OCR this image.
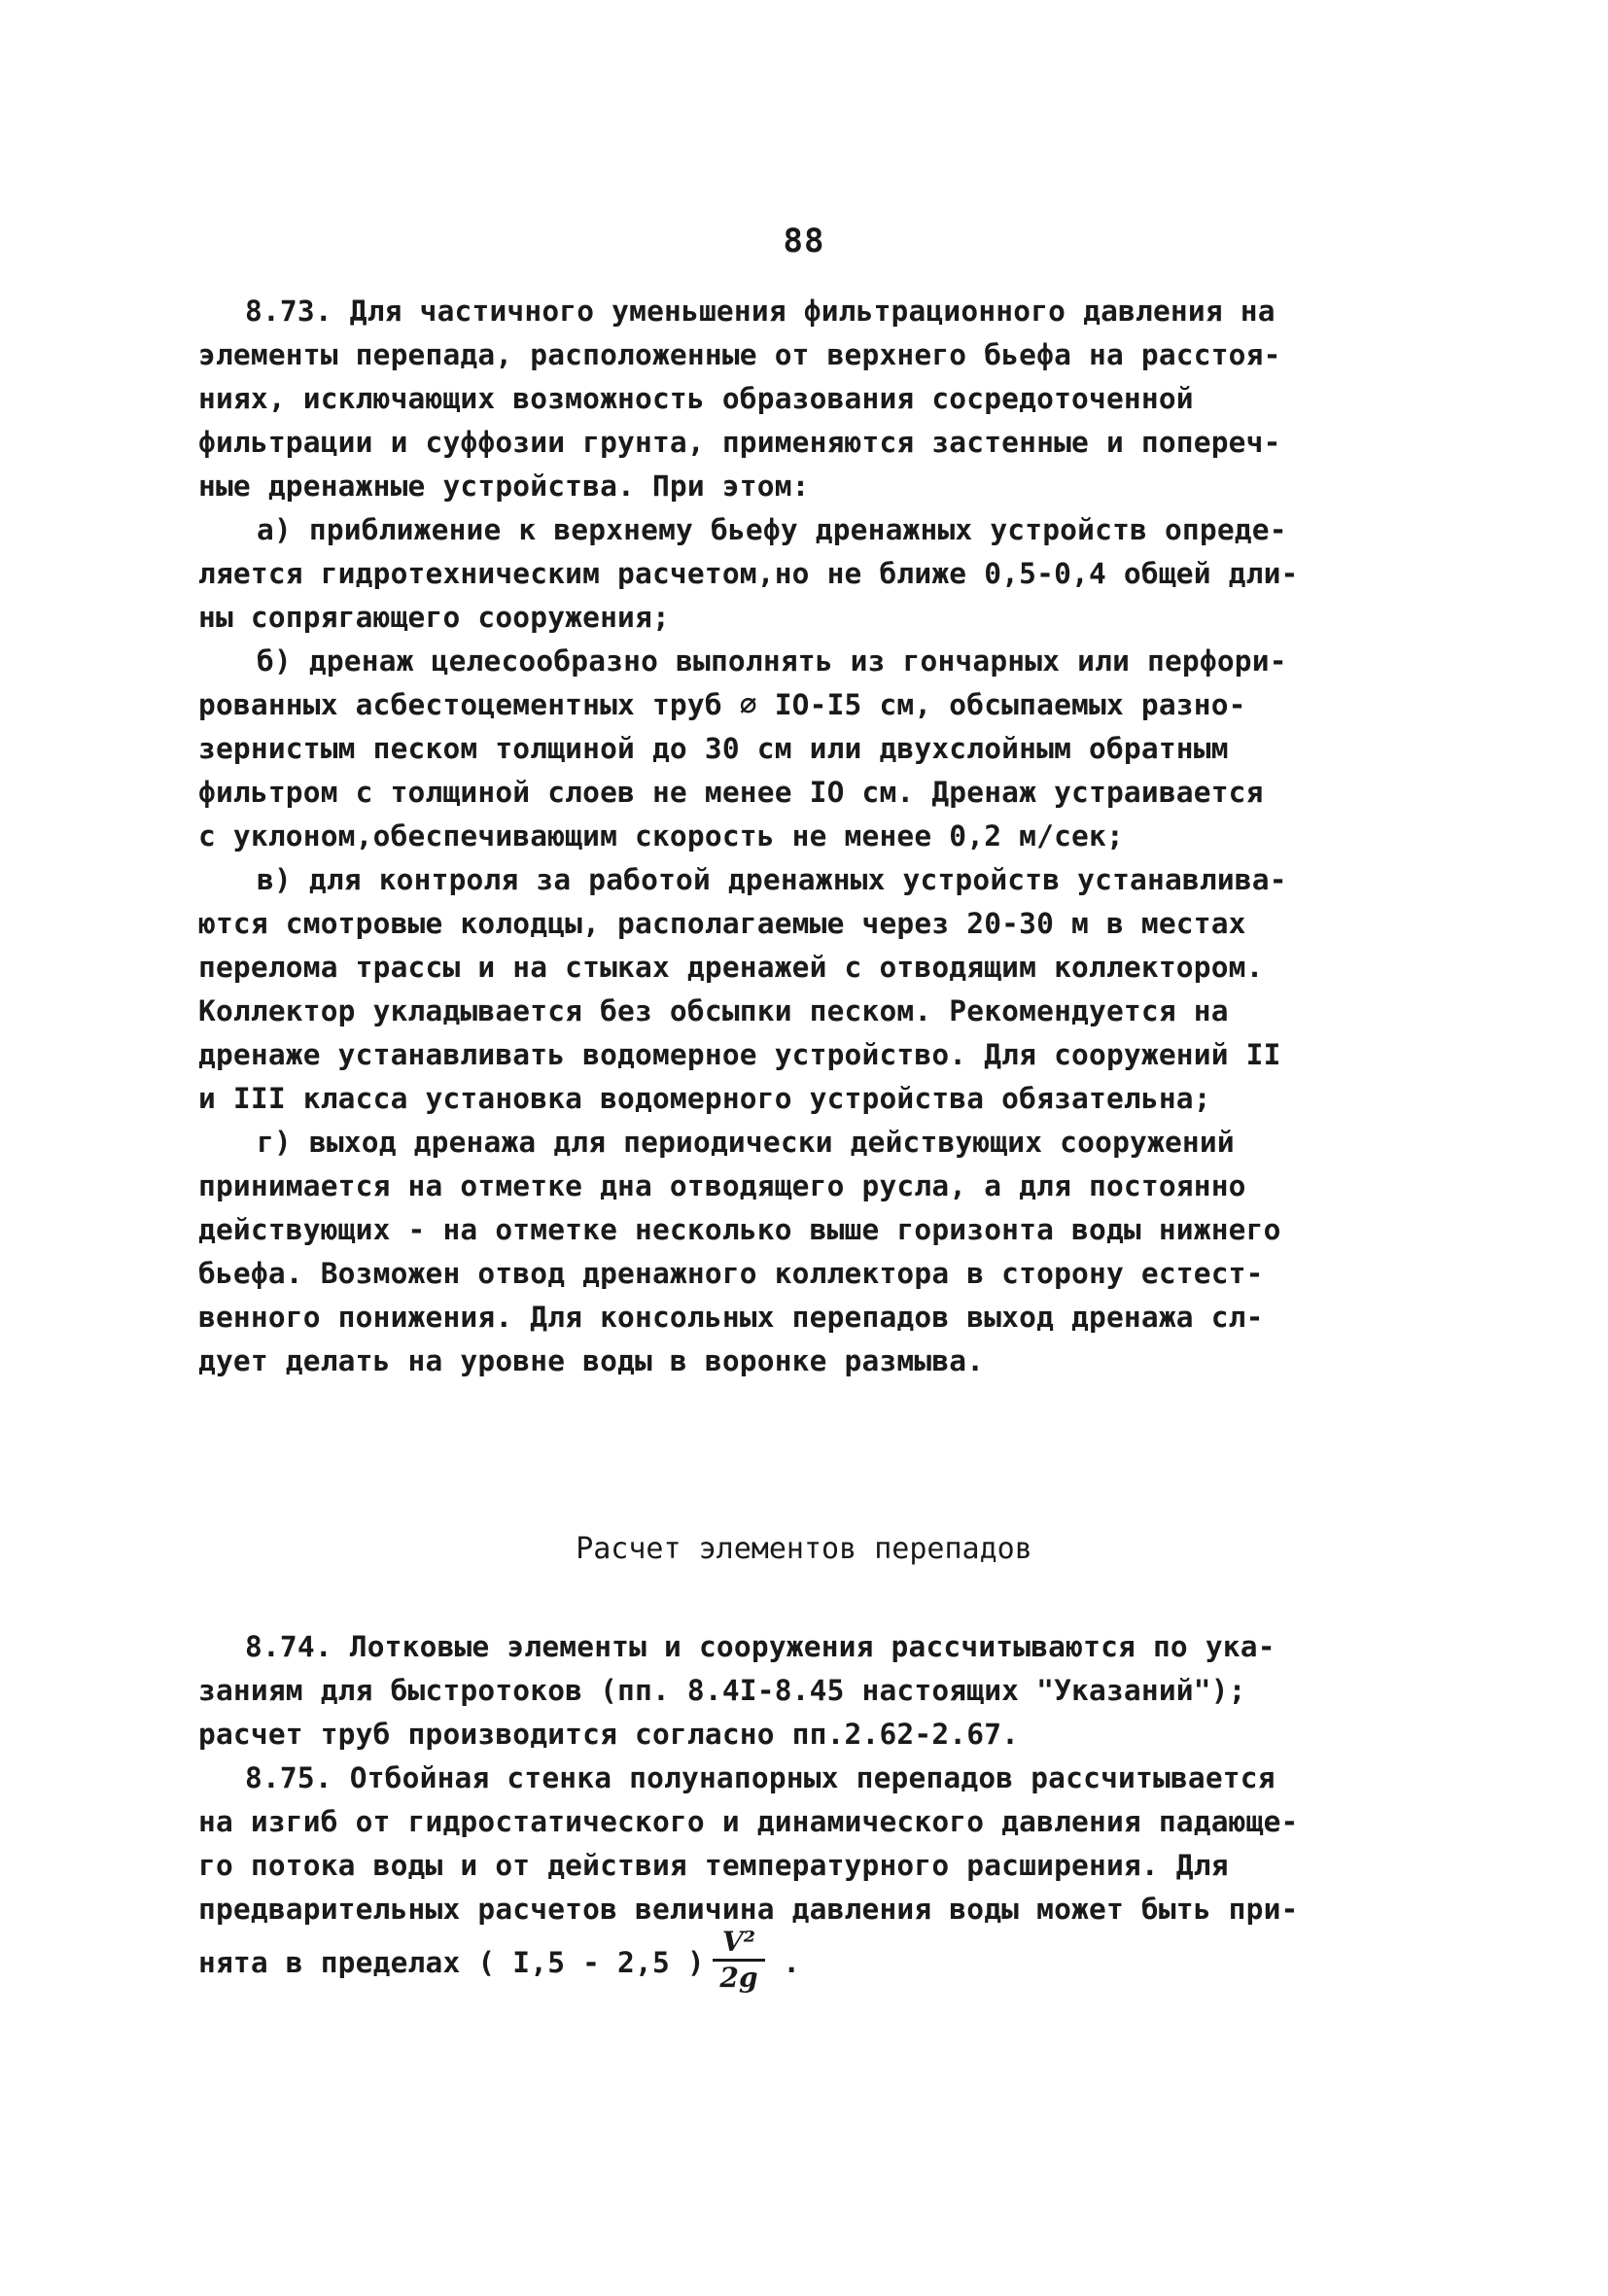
88
8.73. Для частичного уменьшения фильтрационного давления на
элементы перепада, расположенные от верхнего бьефа на расстоя-
ниях, исключающих возможность образования сосредоточенной
фильтрации и суффозии грунта, применяются застенные и попереч-
ные дренажные устройства. При этом:
а) приближение к верхнему бьефу дренажных устройств опреде-
ляется гидротехническим расчетом,но не ближе 0,5-0,4 общей дли-
ны сопрягающего сооружения;
б) дренаж целесообразно выполнять из гончарных или перфори-
рованных асбестоцементных труб ⌀ IO-I5 см, обсыпаемых разно-
зернистым песком толщиной до 30 см или двухслойным обратным
фильтром с толщиной слоев не менее IO см. Дренаж устраивается
с уклоном,обеспечивающим скорость не менее 0,2 м/сек;
в) для контроля за работой дренажных устройств устанавлива-
ются смотровые колодцы, располагаемые через 20-30 м в местах
перелома трассы и на стыках дренажей с отводящим коллектором.
Коллектор укладывается без обсыпки песком. Рекомендуется на
дренаже устанавливать водомерное устройство. Для сооружений II
и III класса установка водомерного устройства обязательна;
г) выход дренажа для периодически действующих сооружений
принимается на отметке дна отводящего русла, а для постоянно
действующих - на отметке несколько выше горизонта воды нижнего
бьефа. Возможен отвод дренажного коллектора в сторону естест-
венного понижения. Для консольных перепадов выход дренажа сл-
дует делать на уровне воды в воронке размыва.
Расчет элементов перепадов
8.74. Лотковые элементы и сооружения рассчитываются по ука-
заниям для быстротоков (пп. 8.4I-8.45 настоящих "Указаний");
расчет труб производится согласно пп.2.62-2.67.
8.75. Отбойная стенка полунапорных перепадов рассчитывается
на изгиб от гидростатического и динамического давления падающе-
го потока воды и от действия температурного расширения. Для
предварительных расчетов величина давления воды может быть при-
нята в пределах ( I,5 - 2,5 ) $\frac{\text{V²}}{2g}$ .
